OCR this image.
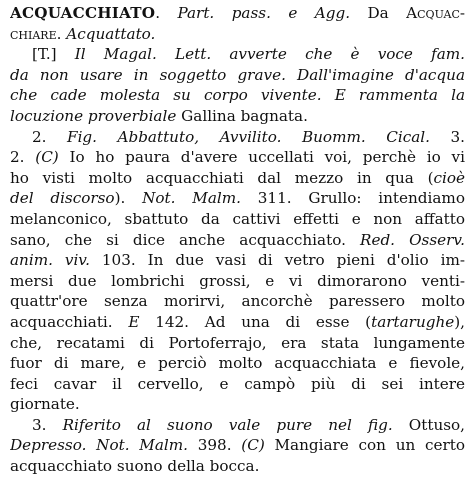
ACQUACCHIATO. Part. pass. e Agg. Da Acquac-
chiare. Acquattato.
[T.] Il Magal. Lett. avverte che è voce fam.
da non usare in soggetto grave. Dall'imagine d'acqua
che cade molesta su corpo vivente. E rammenta la
locuzione proverbiale Gallina bagnata.
2. Fig. Abbattuto, Avvilito. Buomm. Cical. 3.
2. (C) Io ho paura d'avere uccellati voi, perchè io vi
ho visti molto acquacchiati dal mezzo in qua (cioè
del discorso). Not. Malm. 311. Grullo: intendiamo
melanconico, sbattuto da cattivi effetti e non affatto
sano, che si dice anche acquacchiato. Red. Osserv.
anim. viv. 103. In due vasi di vetro pieni d'olio im-
mersi due lombrichi grossi, e vi dimorarono venti-
quattr'ore senza morirvi, ancorchè paressero molto
acquacchiati. E 142. Ad una di esse (tartarughe),
che, recatami di Portoferrajo, era stata lungamente
fuor di mare, e perciò molto acquacchiata e fievole,
feci cavar il cervello, e campò più di sei intere
giornate.
3. Riferito al suono vale pure nel fig. Ottuso,
Depresso. Not. Malm. 398. (C) Mangiare con un certo
acquacchiato suono della bocca.
